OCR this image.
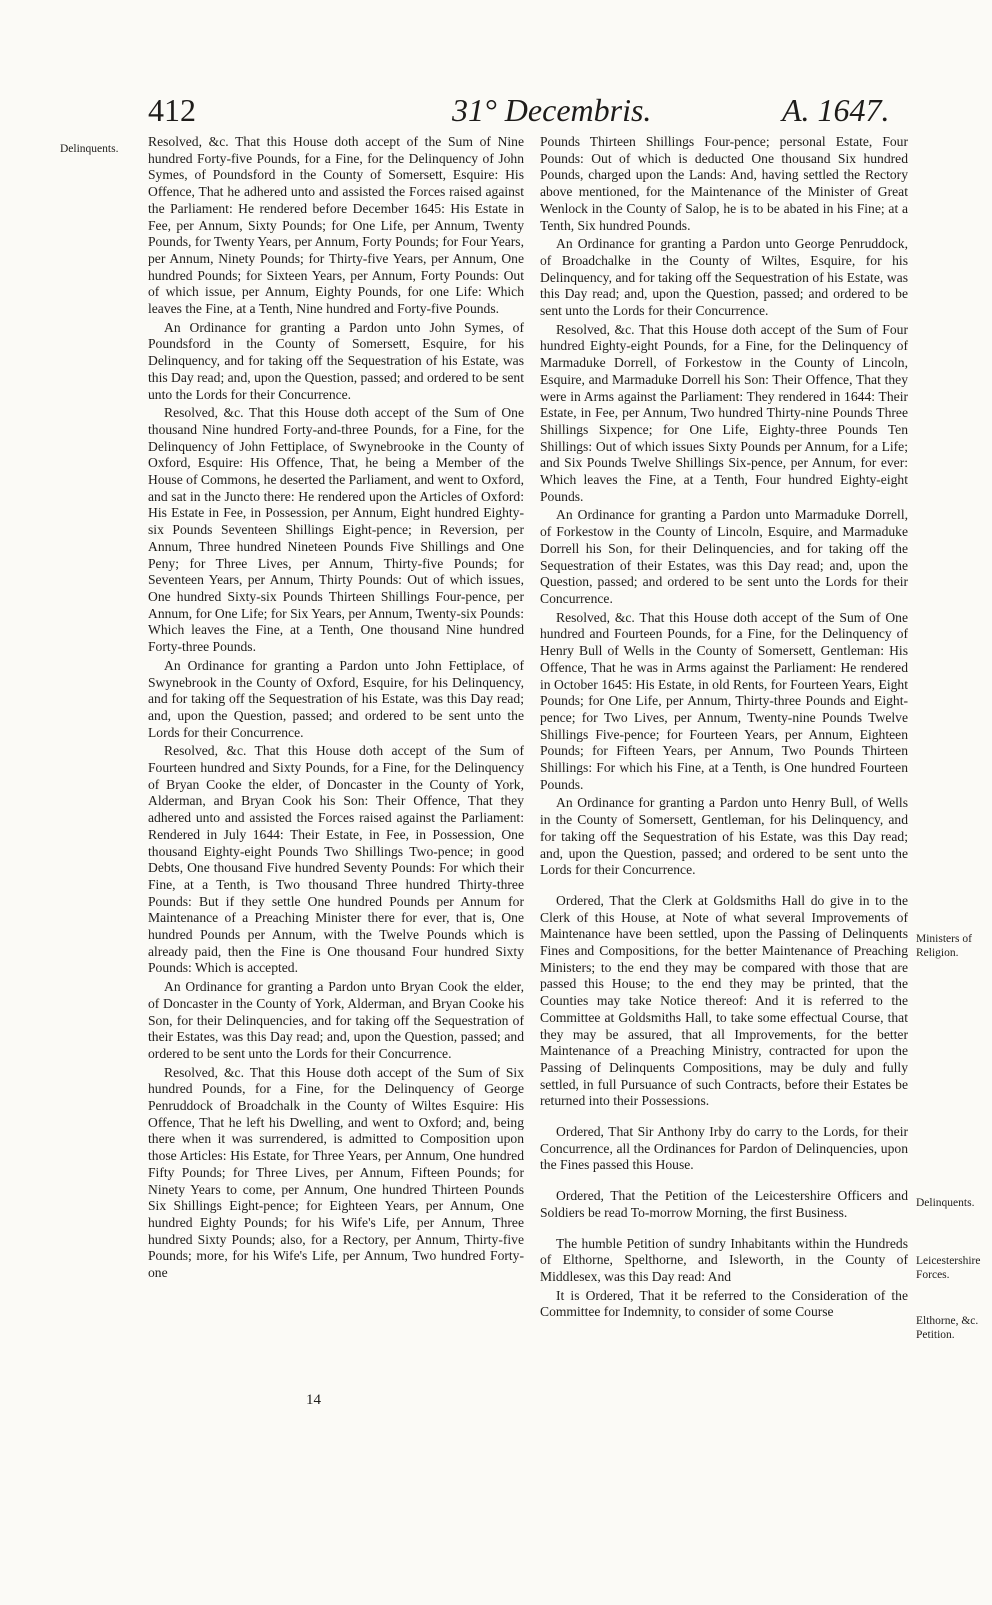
412	31° Decembris.	A. 1647.
Delinquents. Resolved, &c. That this House doth accept of the Sum of Nine hundred Forty-five Pounds, for a Fine, for the Delinquency of John Symes, of Poundsford in the County of Somersett, Esquire: His Offence, That he adhered unto and assisted the Forces raised against the Parliament: He rendered before December 1645: His Estate in Fee, per Annum, Sixty Pounds; for One Life, per Annum, Twenty Pounds, for Twenty Years, per Annum, Forty Pounds; for Four Years, per Annum, Ninety Pounds; for Thirty-five Years, per Annum, One hundred Pounds; for Sixteen Years, per Annum, Forty Pounds: Out of which issue, per Annum, Eighty Pounds, for one Life: Which leaves the Fine, at a Tenth, Nine hundred and Forty-five Pounds.

An Ordinance for granting a Pardon unto John Symes, of Poundsford in the County of Somersett, Esquire, for his Delinquency, and for taking off the Sequestration of his Estate, was this Day read; and, upon the Question, passed; and ordered to be sent unto the Lords for their Concurrence.

Resolved, &c. That this House doth accept of the Sum of One thousand Nine hundred Forty-and-three Pounds, for a Fine, for the Delinquency of John Fettiplace, of Swynebrooke in the County of Oxford, Esquire: His Offence, That, he being a Member of the House of Commons, he deserted the Parliament, and went to Oxford, and sat in the Juncto there: He rendered upon the Articles of Oxford: His Estate in Fee, in Possession, per Annum, Eight hundred Eighty-six Pounds Seventeen Shillings Eight-pence; in Reversion, per Annum, Three hundred Nineteen Pounds Five Shillings and One Peny; for Three Lives, per Annum, Thirty-five Pounds; for Seventeen Years, per Annum, Thirty Pounds: Out of which issues, One hundred Sixty-six Pounds Thirteen Shillings Four-pence, per Annum, for One Life; for Six Years, per Annum, Twenty-six Pounds: Which leaves the Fine, at a Tenth, One thousand Nine hundred Forty-three Pounds.

An Ordinance for granting a Pardon unto John Fettiplace, of Swynebrook in the County of Oxford, Esquire, for his Delinquency, and for taking off the Sequestration of his Estate, was this Day read; and, upon the Question, passed; and ordered to be sent unto the Lords for their Concurrence.

Resolved, &c. That this House doth accept of the Sum of Fourteen hundred and Sixty Pounds, for a Fine, for the Delinquency of Bryan Cooke the elder, of Doncaster in the County of York, Alderman, and Bryan Cook his Son: Their Offence, That they adhered unto and assisted the Forces raised against the Parliament: Rendered in July 1644: Their Estate, in Fee, in Possession, One thousand Eighty-eight Pounds Two Shillings Two-pence; in good Debts, One thousand Five hundred Seventy Pounds: For which their Fine, at a Tenth, is Two thousand Three hundred Thirty-three Pounds: But if they settle One hundred Pounds per Annum for Maintenance of a Preaching Minister there for ever, that is, One hundred Pounds per Annum, with the Twelve Pounds which is already paid, then the Fine is One thousand Four hundred Sixty Pounds: Which is accepted.

An Ordinance for granting a Pardon unto Bryan Cook the elder, of Doncaster in the County of York, Alderman, and Bryan Cooke his Son, for their Delinquencies, and for taking off the Sequestration of their Estates, was this Day read; and, upon the Question, passed; and ordered to be sent unto the Lords for their Concurrence.

Resolved, &c. That this House doth accept of the Sum of Six hundred Pounds, for a Fine, for the Delinquency of George Penruddock of Broadchalk in the County of Wiltes Esquire: His Offence, That he left his Dwelling, and went to Oxford; and, being there when it was surrendered, is admitted to Composition upon those Articles: His Estate, for Three Years, per Annum, One hundred Fifty Pounds; for Three Lives, per Annum, Fifteen Pounds; for Ninety Years to come, per Annum, One hundred Thirteen Pounds Six Shillings Eight-pence; for Eighteen Years, per Annum, One hundred Eighty Pounds; for his Wife's Life, per Annum, Three hundred Sixty Pounds; also, for a Rectory, per Annum, Thirty-five Pounds; more, for his Wife's Life, per Annum, Two hundred Forty-one

Pounds Thirteen Shillings Four-pence; personal Estate, Four Pounds: Out of which is deducted One thousand Six hundred Pounds, charged upon the Lands: And, having settled the Rectory above mentioned, for the Maintenance of the Minister of Great Wenlock in the County of Salop, he is to be abated in his Fine; at a Tenth, Six hundred Pounds.

An Ordinance for granting a Pardon unto George Penruddock, of Broadchalke in the County of Wiltes, Esquire, for his Delinquency, and for taking off the Sequestration of his Estate, was this Day read; and, upon the Question, passed; and ordered to be sent unto the Lords for their Concurrence.

Resolved, &c. That this House doth accept of the Sum of Four hundred Eighty-eight Pounds, for a Fine, for the Delinquency of Marmaduke Dorrell, of Forkestow in the County of Lincoln, Esquire, and Marmaduke Dorrell his Son: Their Offence, That they were in Arms against the Parliament: They rendered in 1644: Their Estate, in Fee, per Annum, Two hundred Thirty-nine Pounds Three Shillings Sixpence; for One Life, Eighty-three Pounds Ten Shillings: Out of which issues Sixty Pounds per Annum, for a Life; and Six Pounds Twelve Shillings Six-pence, per Annum, for ever: Which leaves the Fine, at a Tenth, Four hundred Eighty-eight Pounds.

An Ordinance for granting a Pardon unto Marmaduke Dorrell, of Forkestow in the County of Lincoln, Esquire, and Marmaduke Dorrell his Son, for their Delinquencies, and for taking off the Sequestration of their Estates, was this Day read; and, upon the Question, passed; and ordered to be sent unto the Lords for their Concurrence.

Resolved, &c. That this House doth accept of the Sum of One hundred and Fourteen Pounds, for a Fine, for the Delinquency of Henry Bull of Wells in the County of Somersett, Gentleman: His Offence, That he was in Arms against the Parliament: He rendered in October 1645: His Estate, in old Rents, for Fourteen Years, Eight Pounds; for One Life, per Annum, Thirty-three Pounds and Eight-pence; for Two Lives, per Annum, Twenty-nine Pounds Twelve Shillings Five-pence; for Fourteen Years, per Annum, Eighteen Pounds; for Fifteen Years, per Annum, Two Pounds Thirteen Shillings: For which his Fine, at a Tenth, is One hundred Fourteen Pounds.

An Ordinance for granting a Pardon unto Henry Bull, of Wells in the County of Somersett, Gentleman, for his Delinquency, and for taking off the Sequestration of his Estate, was this Day read; and, upon the Question, passed; and ordered to be sent unto the Lords for their Concurrence.

Ordered, That the Clerk at Goldsmiths Hall do give in to the Clerk of this House, at Note of what several Improvements of Maintenance have been settled, upon the Passing of Delinquents Fines and Compositions, for the better Maintenance of Preaching Ministers; to the end they may be compared with those that are passed this House; to the end they may be printed, that the Counties may take Notice thereof: And it is referred to the Committee at Goldsmiths Hall, to take some effectual Course, that they may be assured, that all Improvements, for the better Maintenance of a Preaching Ministry, contracted for upon the Passing of Delinquents Compositions, may be duly and fully settled, in full Pursuance of such Contracts, before their Estates be returned into their Possessions.

Ordered, That Sir Anthony Irby do carry to the Lords, for their Concurrence, all the Ordinances for Pardon of Delinquencies, upon the Fines passed this House.

Ordered, That the Petition of the Leicestershire Officers and Soldiers be read To-morrow Morning, the first Business.

The humble Petition of sundry Inhabitants within the Hundreds of Elthorne, Spelthorne, and Isleworth, in the County of Middlesex, was this Day read: And

It is Ordered, That it be referred to the Consideration of the Committee for Indemnity, to consider of some Course

Ministers of Religion.
Delinquents.
Leicestershire Forces.
Elthorne, &c. Petition.
14
